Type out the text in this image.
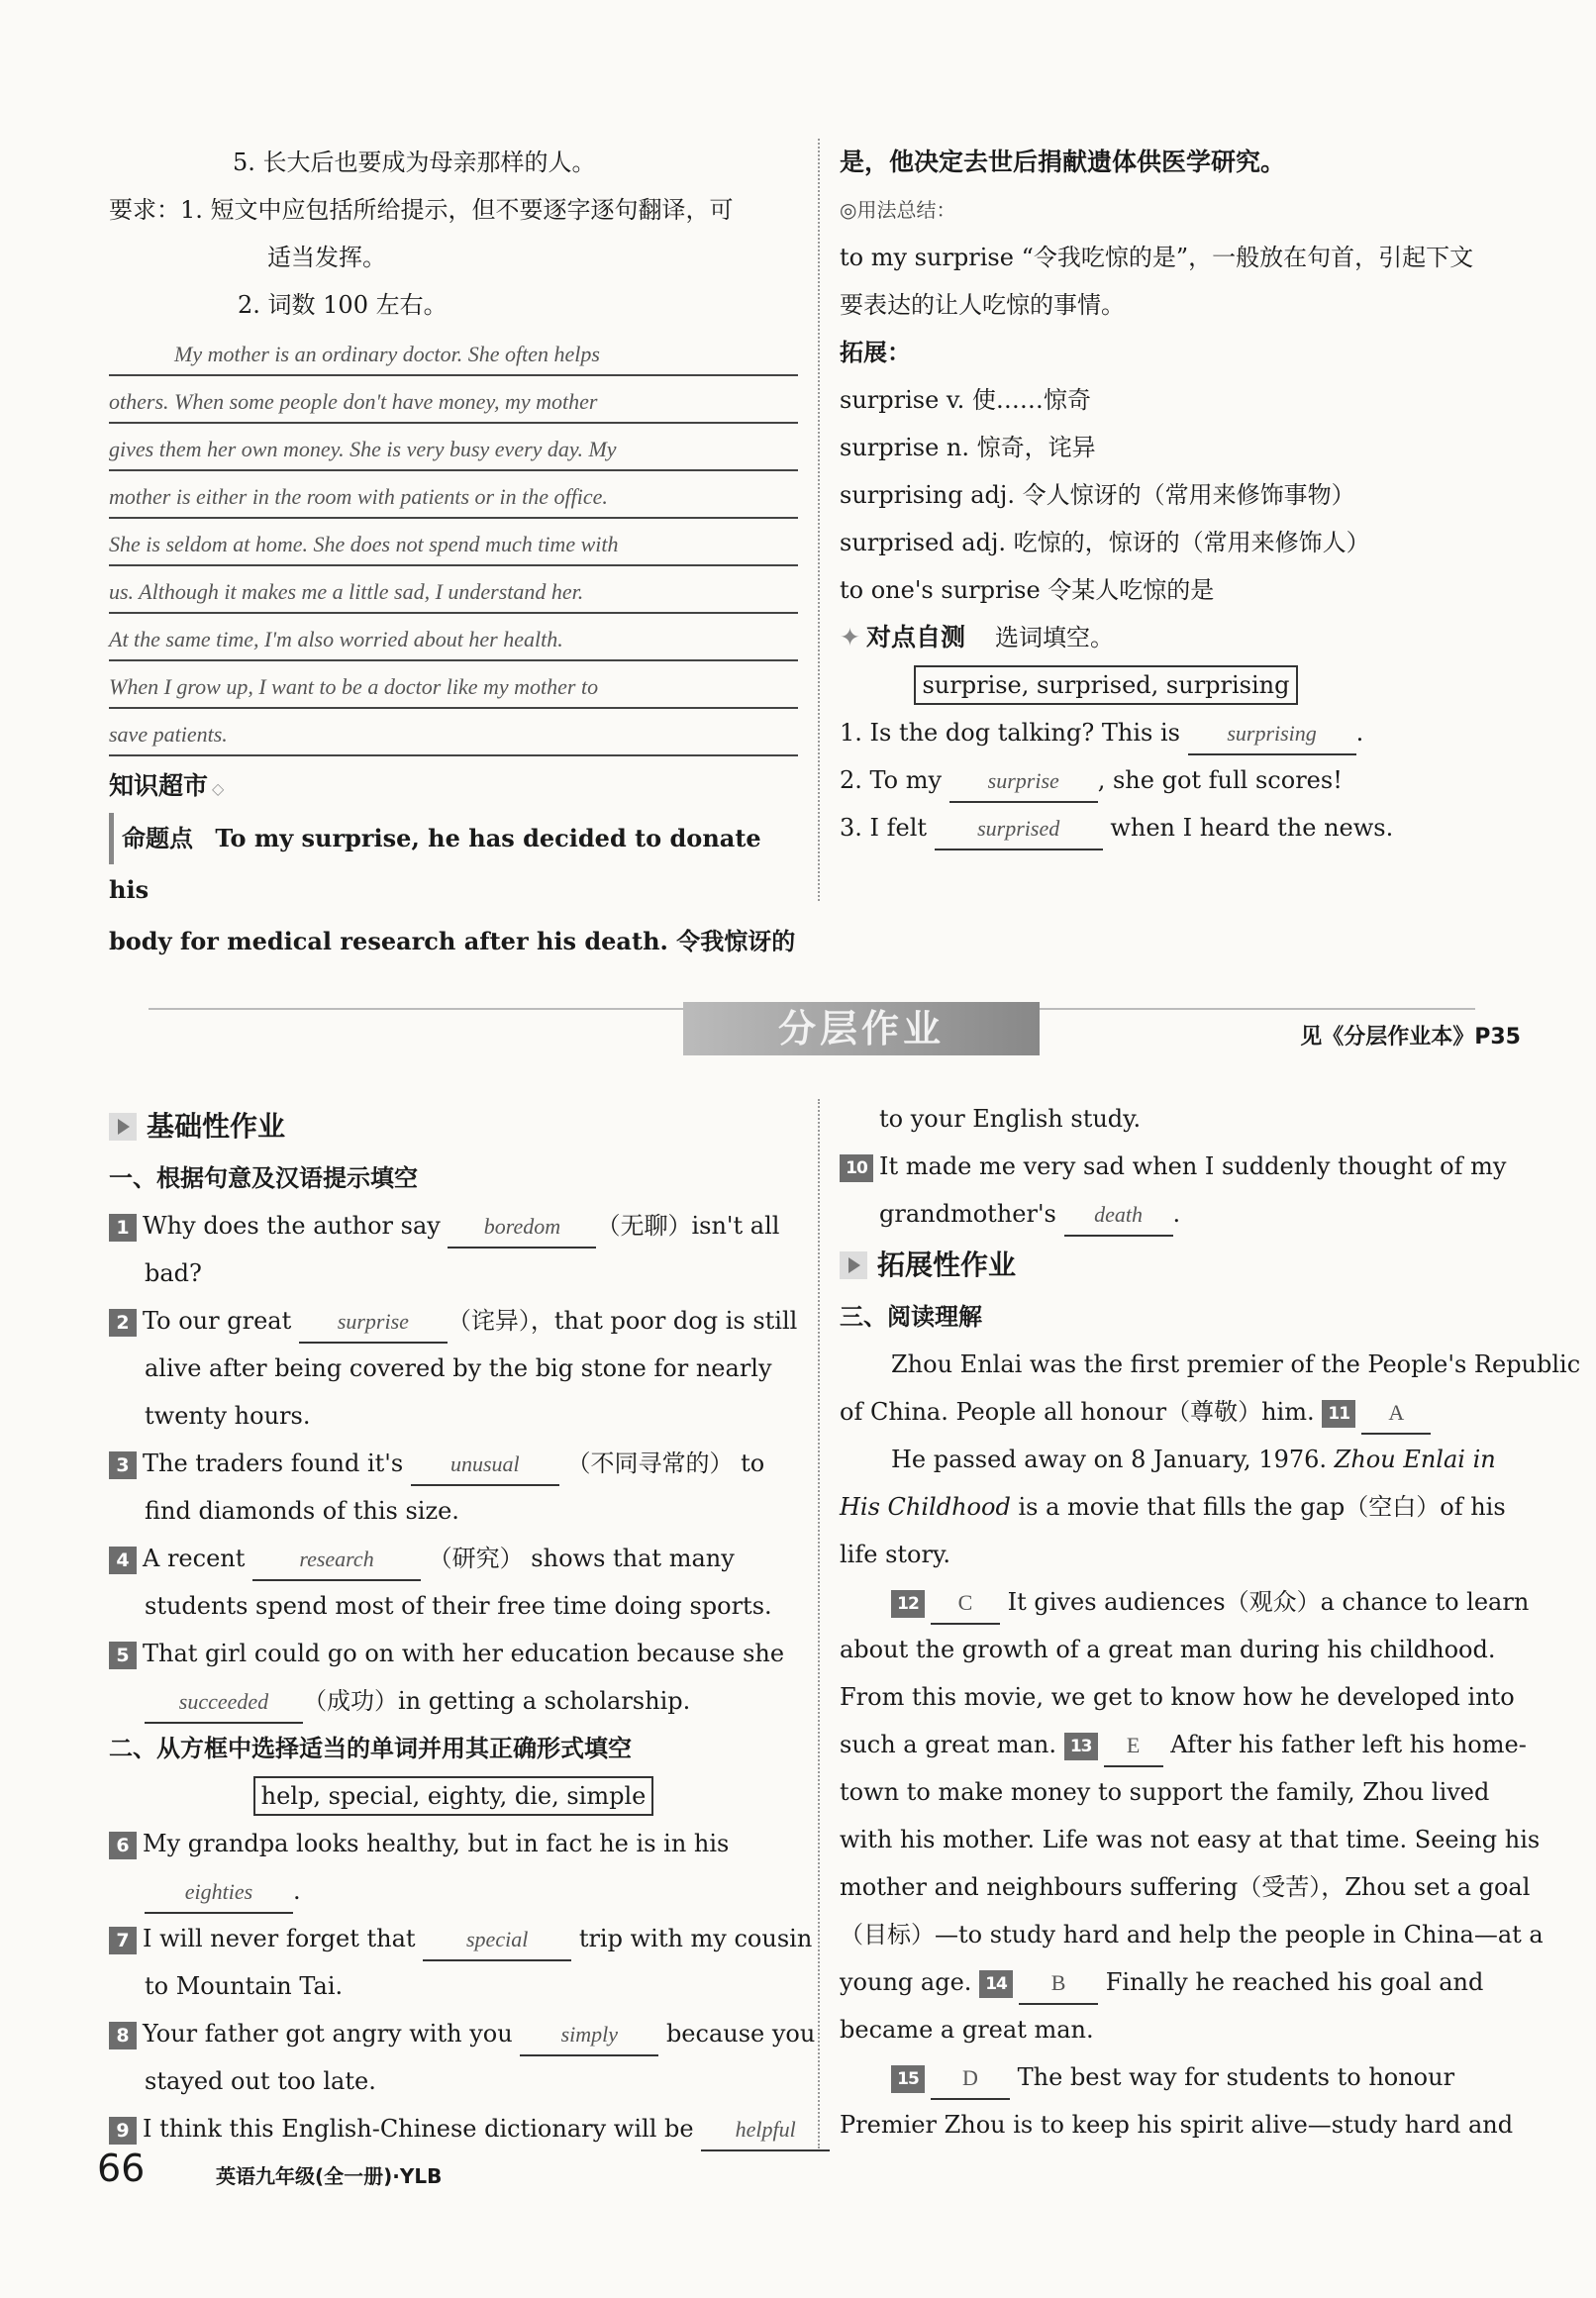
5. 长大后也要成为母亲那样的人。
要求：1. 短文中应包括所给提示，但不要逐字逐句翻译，可
适当发挥。
2. 词数 100 左右。
My mother is an ordinary doctor. She often helps
others. When some people don't have money, my mother
gives them her own money. She is very busy every day. My
mother is either in the room with patients or in the office.
She is seldom at home. She does not spend much time with
us. Although it makes me a little sad, I understand her.
At the same time, I'm also worried about her health.
When I grow up, I want to be a doctor like my mother to
save patients.
知识超市 ◇
命题点 To my surprise, he has decided to donate his
body for medical research after his death. 令我惊讶的
是，他决定去世后捐献遗体供医学研究。
◎用法总结：
to my surprise “令我吃惊的是”，一般放在句首，引起下文
要表达的让人吃惊的事情。
拓展：
surprise v. 使……惊奇
surprise n. 惊奇，诧异
surprising adj. 令人惊讶的（常用来修饰事物）
surprised adj. 吃惊的，惊讶的（常用来修饰人）
to one's surprise 令某人吃惊的是
✦ 对点自测 选词填空。
surprise, surprised, surprising
1. Is the dog talking? This is surprising .
2. To my surprise , she got full scores!
3. I felt surprised when I heard the news.
分层作业	见《分层作业本》P35
基础性作业
一、根据句意及汉语提示填空
1 Why does the author say boredom （无聊）isn't all
bad?
2 To our great surprise （诧异），that poor dog is still
alive after being covered by the big stone for nearly
twenty hours.
3 The traders found it's unusual （不同寻常的） to
find diamonds of this size.
4 A recent research （研究） shows that many
students spend most of their free time doing sports.
5 That girl could go on with her education because she
succeeded （成功）in getting a scholarship.
二、从方框中选择适当的单词并用其正确形式填空
help, special, eighty, die, simple
6 My grandpa looks healthy, but in fact he is in his
eighties .
7 I will never forget that special trip with my cousin
to Mountain Tai.
8 Your father got angry with you simply because you
stayed out too late.
9 I think this English-Chinese dictionary will be helpful
to your English study.
10 It made me very sad when I suddenly thought of my
grandmother's death .
拓展性作业
三、阅读理解
Zhou Enlai was the first premier of the People's Republic
of China. People all honour（尊敬）him. 11 A
He passed away on 8 January, 1976. Zhou Enlai in
His Childhood is a movie that fills the gap（空白）of his
life story.
12 C It gives audiences（观众）a chance to learn
about the growth of a great man during his childhood.
From this movie, we get to know how he developed into
such a great man. 13 E After his father left his home-
town to make money to support the family, Zhou lived
with his mother. Life was not easy at that time. Seeing his
mother and neighbours suffering（受苦），Zhou set a goal
（目标）—to study hard and help the people in China—at a
young age. 14 B Finally he reached his goal and
became a great man.
15 D The best way for students to honour
Premier Zhou is to keep his spirit alive—study hard and
66	英语九年级(全一册)·YLB
